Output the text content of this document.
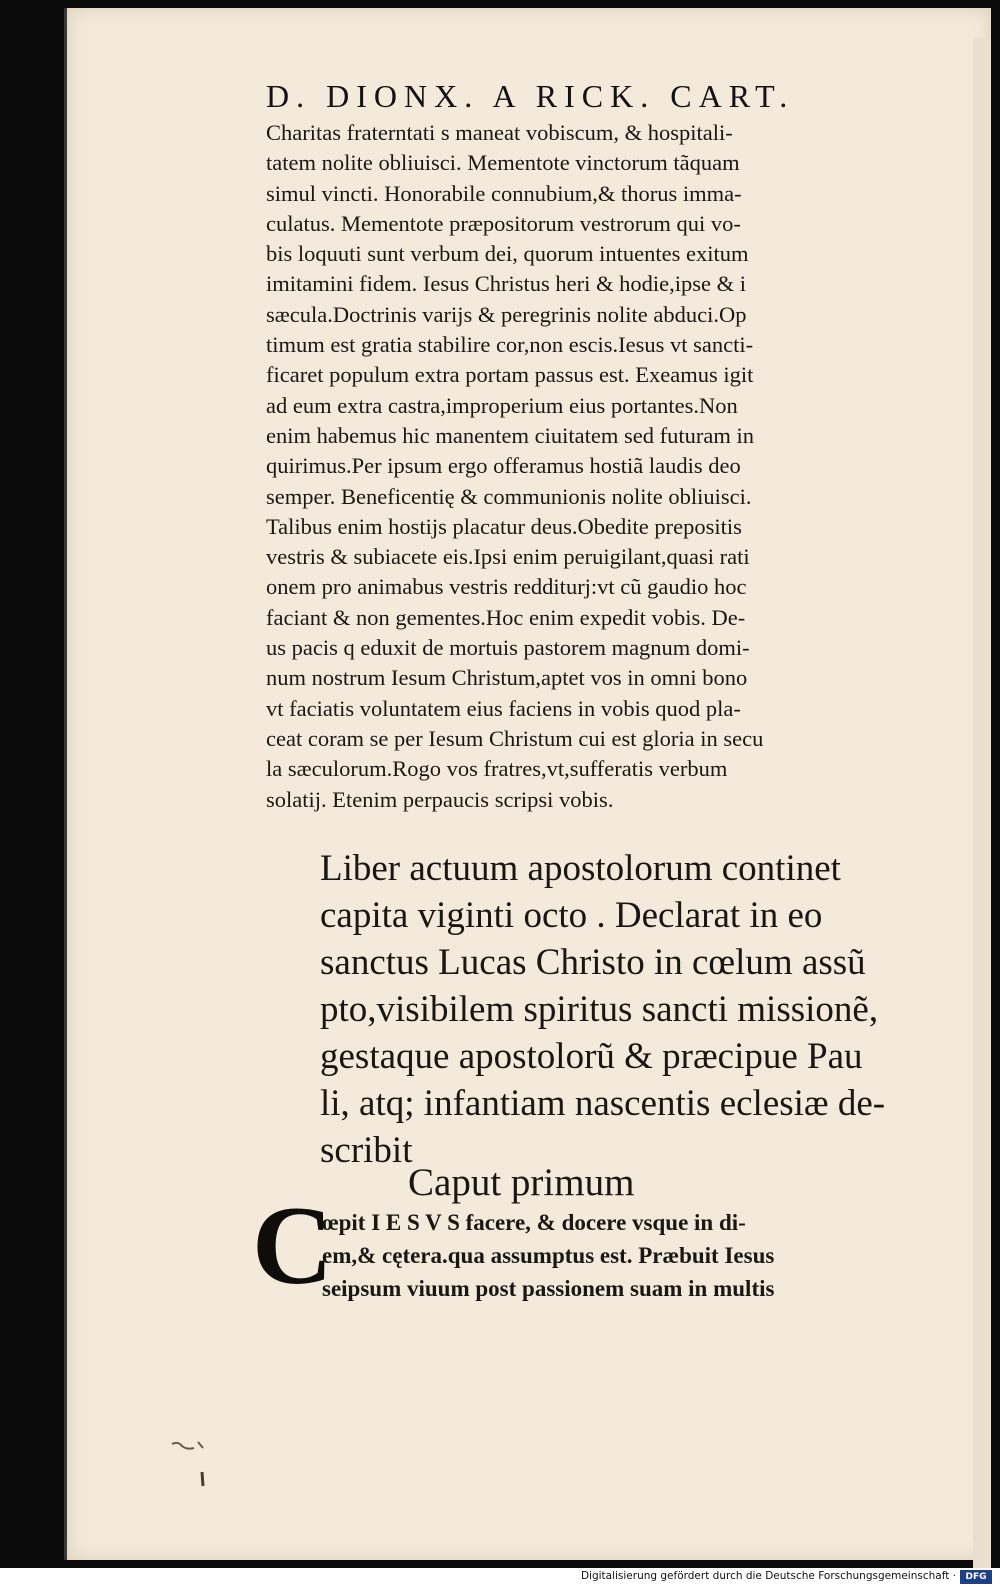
D. DIONX. A RICK. CART.
Charitas fraterntati s maneat vobiscum, & hospitali-
tatem nolite obliuisci. Mementote vinctorum tãquam
simul vincti. Honorabile connubium,& thorus imma-
culatus. Mementote præpositorum vestrorum qui vo-
bis loquuti sunt verbum dei, quorum intuentes exitum
imitamini fidem. Iesus Christus heri & hodie,ipse & i
sæcula.Doctrinis varijs & peregrinis nolite abduci.Op
timum est gratia stabilire cor,non escis.Iesus vt sancti-
ficaret populum extra portam passus est. Exeamus igit
ad eum extra castra,improperium eius portantes.Non
enim habemus hic manentem ciuitatem sed futuram in
quirimus.Per ipsum ergo offeramus hostiã laudis deo
semper. Beneficentię & communionis nolite obliuisci.
Talibus enim hostijs placatur deus.Obedite prepositis
vestris & subiacete eis.Ipsi enim peruigilant,quasi rati
onem pro animabus vestris redditurj:vt cũ gaudio hoc
faciant & non gementes.Hoc enim expedit vobis. De-
us pacis q eduxit de mortuis pastorem magnum domi-
num nostrum Iesum Christum,aptet vos in omni bono
vt faciatis voluntatem eius faciens in vobis quod pla-
ceat coram se per Iesum Christum cui est gloria in secu
la sæculorum.Rogo vos fratres,vt,sufferatis verbum
solatij. Etenim perpaucis scripsi vobis.
Liber actuum apostolorum continet
capita viginti octo . Declarat in eo
sanctus Lucas Christo in cœlum assũ
pto,visibilem spiritus sancti missionẽ,
gestaque apostolorũ & præcipue Pau
li, atq; infantiam nascentis eclesiæ de-
scribit
Caput primum
C
œpit I E S V S facere, & docere vsque in di-
em,& cętera.qua assumptus est. Præbuit Iesus
seipsum viuum post passionem suam in multis
Digitalisierung gefördert durch die Deutsche Forschungsgemeinschaft ·	DFG
